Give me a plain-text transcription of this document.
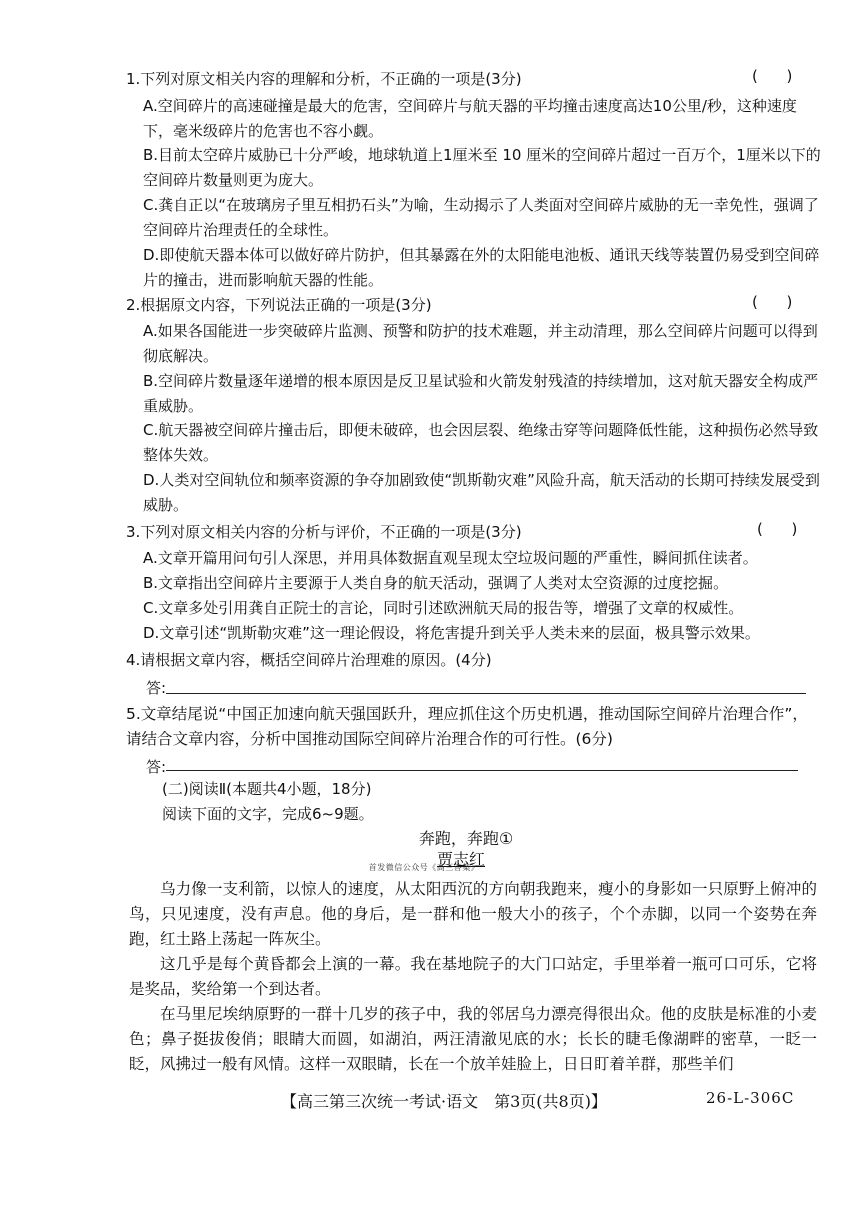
1.下列对原文相关内容的理解和分析，不正确的一项是(3分)	(      )

A.空间碎片的高速碰撞是最大的危害，空间碎片与航天器的平均撞击速度高达10公里/秒，这种速度下，毫米级碎片的危害也不容小觑。

B.目前太空碎片威胁已十分严峻，地球轨道上1厘米至 10 厘米的空间碎片超过一百万个，1厘米以下的空间碎片数量则更为庞大。

C.龚自正以“在玻璃房子里互相扔石头”为喻，生动揭示了人类面对空间碎片威胁的无一幸免性，强调了空间碎片治理责任的全球性。

D.即使航天器本体可以做好碎片防护，但其暴露在外的太阳能电池板、通讯天线等装置仍易受到空间碎片的撞击，进而影响航天器的性能。

2.根据原文内容，下列说法正确的一项是(3分)	(      )

A.如果各国能进一步突破碎片监测、预警和防护的技术难题，并主动清理，那么空间碎片问题可以得到彻底解决。

B.空间碎片数量逐年递增的根本原因是反卫星试验和火箭发射残渣的持续增加，这对航天器安全构成严重威胁。

C.航天器被空间碎片撞击后，即便未破碎，也会因层裂、绝缘击穿等问题降低性能，这种损伤必然导致整体失效。

D.人类对空间轨位和频率资源的争夺加剧致使“凯斯勒灾难”风险升高，航天活动的长期可持续发展受到威胁。

3.下列对原文相关内容的分析与评价，不正确的一项是(3分)	(      )

A.文章开篇用问句引人深思，并用具体数据直观呈现太空垃圾问题的严重性，瞬间抓住读者。

B.文章指出空间碎片主要源于人类自身的航天活动，强调了人类对太空资源的过度挖掘。

C.文章多处引用龚自正院士的言论，同时引述欧洲航天局的报告等，增强了文章的权威性。

D.文章引述“凯斯勒灾难”这一理论假设，将危害提升到关乎人类未来的层面，极具警示效果。

4.请根据文章内容，概括空间碎片治理难的原因。(4分)
答:

5.文章结尾说“中国正加速向航天强国跃升，理应抓住这个历史机遇，推动国际空间碎片治理合作”，请结合文章内容，分析中国推动国际空间碎片治理合作的可行性。(6分)

答:
(二)阅读Ⅱ(本题共4小题，18分)
阅读下面的文字，完成6~9题。
奔跑，奔跑①
首发微信公众号《高三答案》
贾志红

乌力像一支利箭，以惊人的速度，从太阳西沉的方向朝我跑来，瘦小的身影如一只原野上俯冲的鸟，只见速度，没有声息。他的身后，是一群和他一般大小的孩子，个个赤脚，以同一个姿势在奔跑，红土路上荡起一阵灰尘。

这几乎是每个黄昏都会上演的一幕。我在基地院子的大门口站定，手里举着一瓶可口可乐，它将是奖品，奖给第一个到达者。

在马里尼埃纳原野的一群十几岁的孩子中，我的邻居乌力漂亮得很出众。他的皮肤是标准的小麦色；鼻子挺拔俊俏；眼睛大而圆，如湖泊，两汪清澈见底的水；长长的睫毛像湖畔的密草，一眨一眨，风拂过一般有风情。这样一双眼睛，长在一个放羊娃脸上，日日盯着羊群，那些羊们

【高三第三次统一考试·语文　第3页(共8页)】	26-L-306C
